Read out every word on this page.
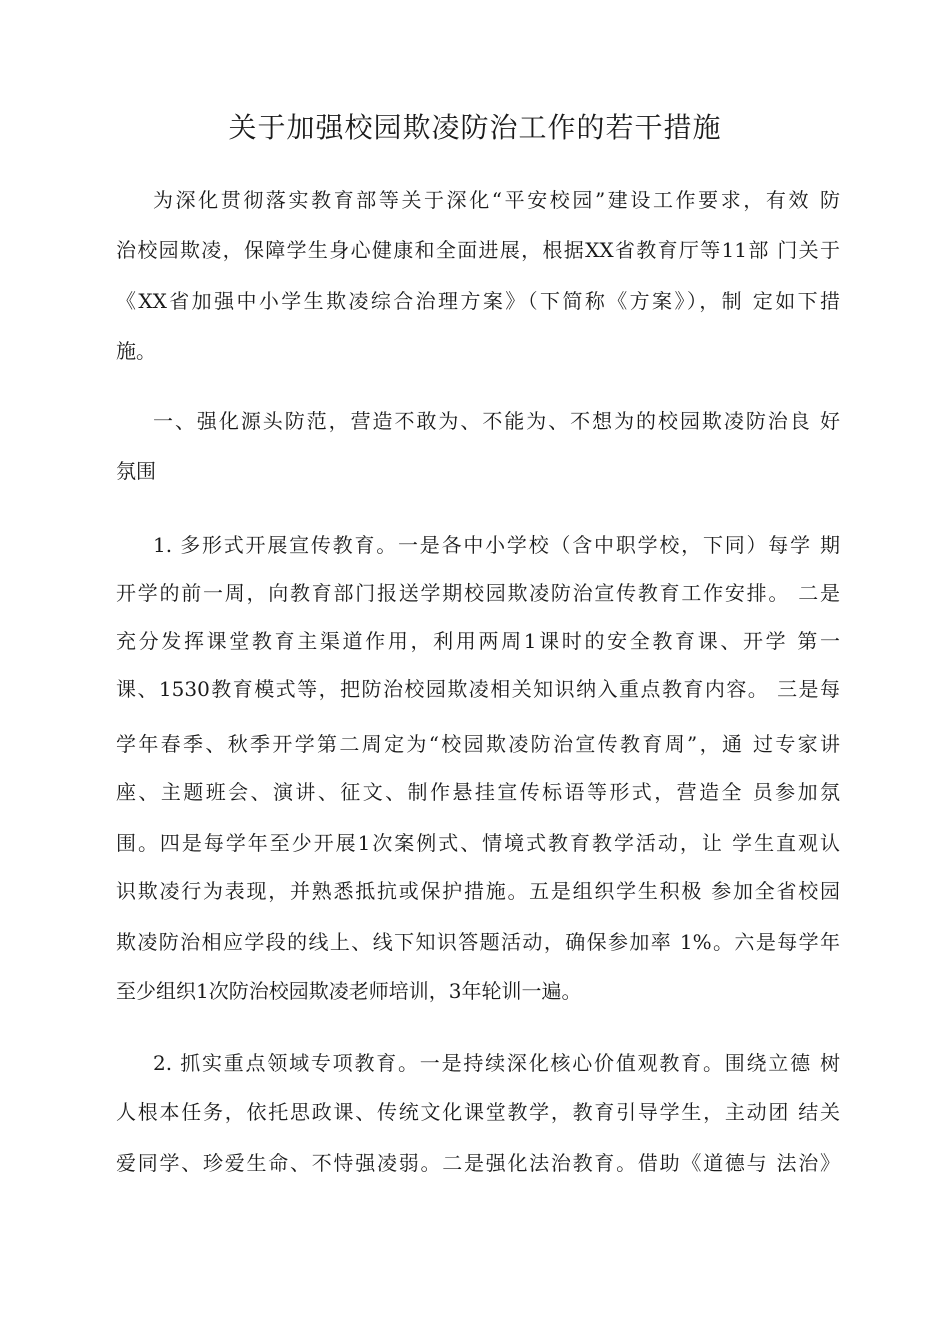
关于加强校园欺凌防治工作的若干措施
为深化贯彻落实教育部等关于深化“平安校园”建设工作要求，有效 防
治校园欺凌，保障学生身心健康和全面进展，根据XX省教育厅等11部 门关于
《XX省加强中小学生欺凌综合治理方案》（下简称《方案》），制 定如下措
施。
一、强化源头防范，营造不敢为、不能为、不想为的校园欺凌防治良 好
氛围
1. 多形式开展宣传教育。一是各中小学校（含中职学校，下同）每学 期
开学的前一周，向教育部门报送学期校园欺凌防治宣传教育工作安排。 二是
充分发挥课堂教育主渠道作用，利用两周1课时的安全教育课、开学 第一
课、1530教育模式等，把防治校园欺凌相关知识纳入重点教育内容。 三是每
学年春季、秋季开学第二周定为“校园欺凌防治宣传教育周”，通 过专家讲
座、主题班会、演讲、征文、制作悬挂宣传标语等形式，营造全 员参加氛
围。四是每学年至少开展1次案例式、情境式教育教学活动，让 学生直观认
识欺凌行为表现，并熟悉抵抗或保护措施。五是组织学生积极 参加全省校园
欺凌防治相应学段的线上、线下知识答题活动，确保参加率 1%。六是每学年
至少组织1次防治校园欺凌老师培训，3年轮训一遍。
2. 抓实重点领域专项教育。一是持续深化核心价值观教育。围绕立德 树
人根本任务，依托思政课、传统文化课堂教学，教育引导学生，主动团 结关
爱同学、珍爱生命、不恃强凌弱。二是强化法治教育。借助《道德与 法治》
